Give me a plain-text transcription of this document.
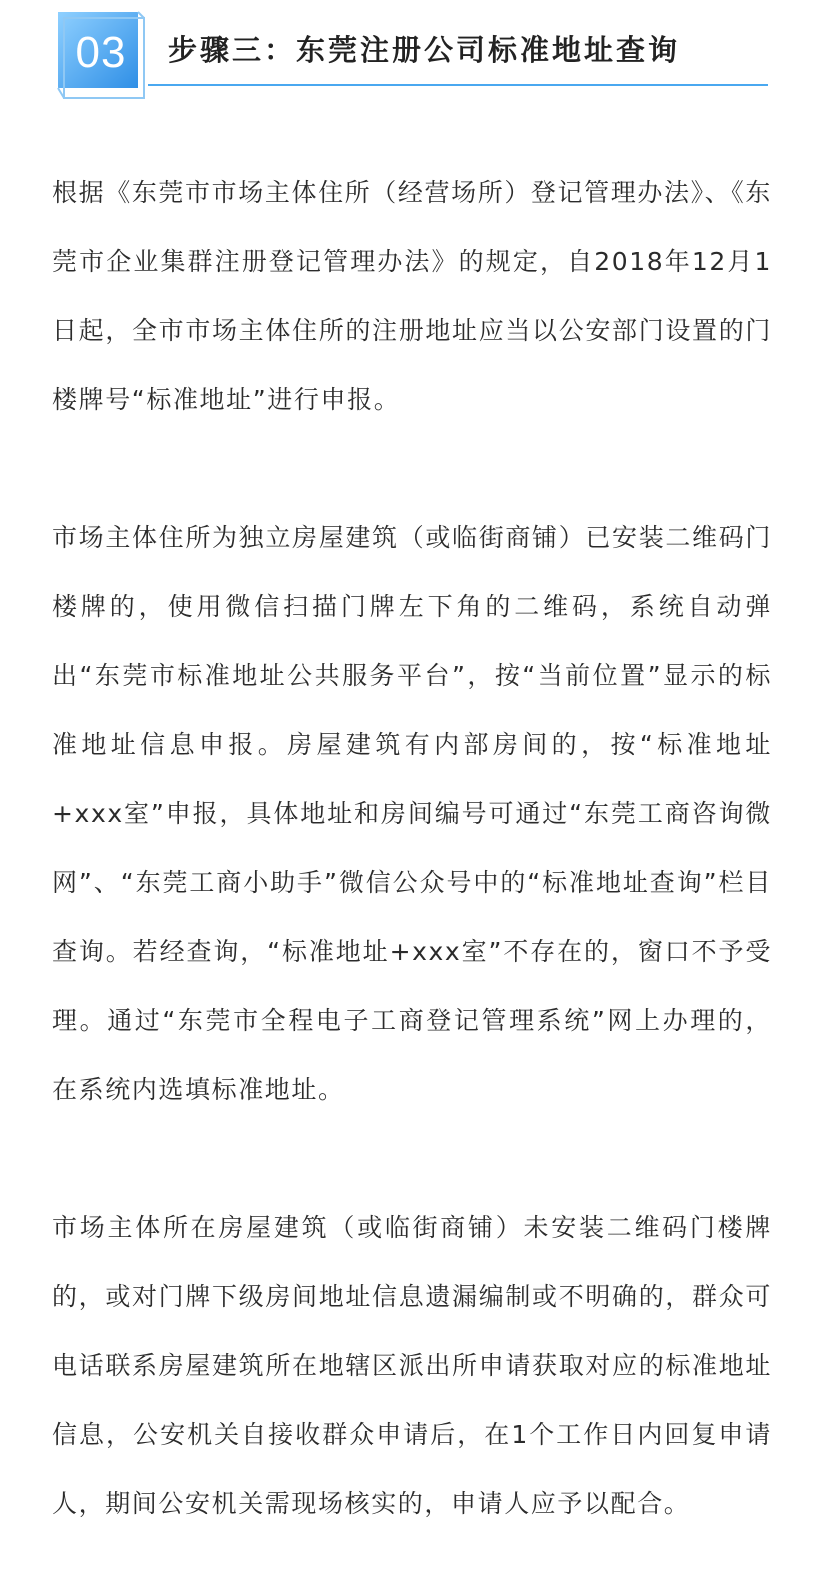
03	步骤三：东莞注册公司标准地址查询

根据《东莞市市场主体住所（经营场所）登记管理办法》、《东莞市企业集群注册登记管理办法》的规定，自2018年12月1日起，全市市场主体住所的注册地址应当以公安部门设置的门楼牌号“标准地址”进行申报。

市场主体住所为独立房屋建筑（或临街商铺）已安装二维码门楼牌的，使用微信扫描门牌左下角的二维码，系统自动弹出“东莞市标准地址公共服务平台”，按“当前位置”显示的标准地址信息申报。房屋建筑有内部房间的，按“标准地址+xxx室”申报，具体地址和房间编号可通过“东莞工商咨询微网”、“东莞工商小助手”微信公众号中的“标准地址查询”栏目查询。若经查询，“标准地址+xxx室”不存在的，窗口不予受理。通过“东莞市全程电子工商登记管理系统”网上办理的，在系统内选填标准地址。

市场主体所在房屋建筑（或临街商铺）未安装二维码门楼牌的，或对门牌下级房间地址信息遗漏编制或不明确的，群众可电话联系房屋建筑所在地辖区派出所申请获取对应的标准地址信息，公安机关自接收群众申请后，在1个工作日内回复申请人，期间公安机关需现场核实的，申请人应予以配合。
